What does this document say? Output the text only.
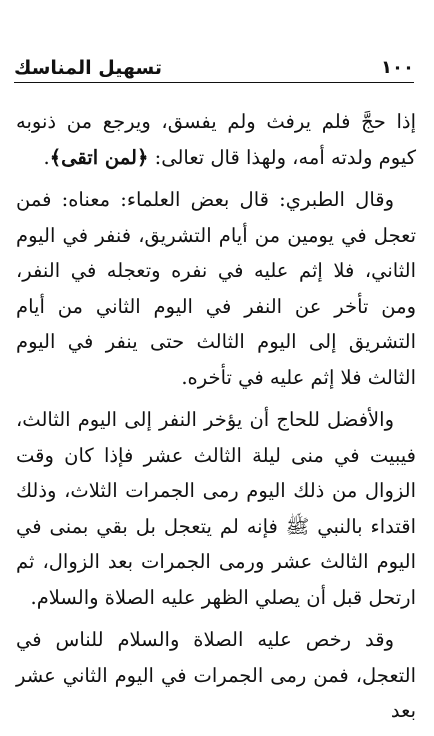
تسهيل المناسك	١٠٠

إذا حجَّ فلم يرفث ولم يفسق، ويرجع من ذنوبه كيوم ولدته أمه، ولهذا قال تعالى: ﴿لمن اتقى﴾.

وقال الطبري: قال بعض العلماء: معناه: فمن تعجل في يومين من أيام التشريق، فنفر في اليوم الثاني، فلا إثم عليه في نفره وتعجله في النفر، ومن تأخر عن النفر في اليوم الثاني من أيام التشريق إلى اليوم الثالث حتى ينفر في اليوم الثالث فلا إثم عليه في تأخره.

والأفضل للحاج أن يؤخر النفر إلى اليوم الثالث، فيبيت في منى ليلة الثالث عشر فإذا كان وقت الزوال من ذلك اليوم رمى الجمرات الثلاث، وذلك اقتداء بالنبي ﷺ فإنه لم يتعجل بل بقي بمنى في اليوم الثالث عشر ورمى الجمرات بعد الزوال، ثم ارتحل قبل أن يصلي الظهر عليه الصلاة والسلام.

وقد رخص عليه الصلاة والسلام للناس في التعجل، فمن رمى الجمرات في اليوم الثاني عشر بعد
